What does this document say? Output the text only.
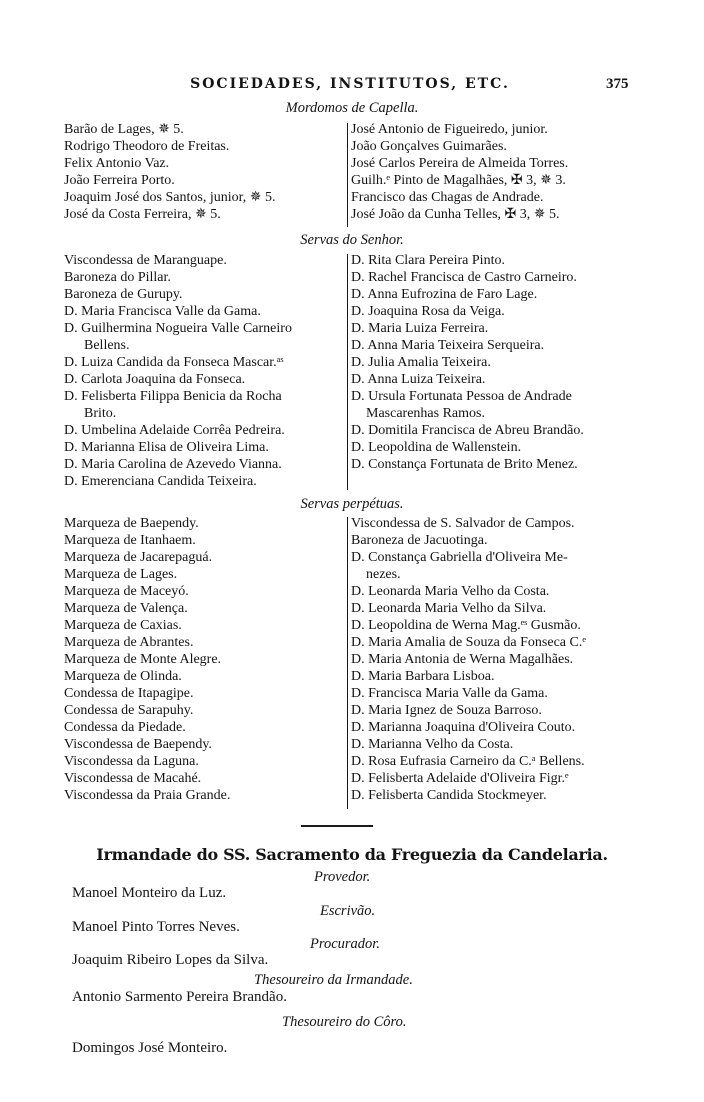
SOCIEDADES, INSTITUTOS, ETC.	375
Mordomos de Capella.
Barão de Lages, ✵ 5.
Rodrigo Theodoro de Freitas.
Felix Antonio Vaz.
João Ferreira Porto.
Joaquim José dos Santos, junior, ✵ 5.
José da Costa Ferreira, ✵ 5.
José Antonio de Figueiredo, junior.
João Gonçalves Guimarães.
José Carlos Pereira de Almeida Torres.
Guilh.ᵉ Pinto de Magalhães, ✠ 3, ✵ 3.
Francisco das Chagas de Andrade.
José João da Cunha Telles, ✠ 3, ✵ 5.
Servas do Senhor.
Viscondessa de Maranguape.
Baroneza do Pillar.
Baroneza de Gurupy.
D. Maria Francisca Valle da Gama.
D. Guilhermina Nogueira Valle Carneiro
Bellens.
D. Luiza Candida da Fonseca Mascar.ᵃˢ
D. Carlota Joaquina da Fonseca.
D. Felisberta Filippa Benicia da Rocha
Brito.
D. Umbelina Adelaide Corrêa Pedreira.
D. Marianna Elisa de Oliveira Lima.
D. Maria Carolina de Azevedo Vianna.
D. Emerenciana Candida Teixeira.
D. Rita Clara Pereira Pinto.
D. Rachel Francisca de Castro Carneiro.
D. Anna Eufrozina de Faro Lage.
D. Joaquina Rosa da Veiga.
D. Maria Luiza Ferreira.
D. Anna Maria Teixeira Serqueira.
D. Julia Amalia Teixeira.
D. Anna Luiza Teixeira.
D. Ursula Fortunata Pessoa de Andrade
Mascarenhas Ramos.
D. Domitila Francisca de Abreu Brandão.
D. Leopoldina de Wallenstein.
D. Constança Fortunata de Brito Menez.
Servas perpétuas.
Marqueza de Baependy.
Marqueza de Itanhaem.
Marqueza de Jacarepaguá.
Marqueza de Lages.
Marqueza de Maceyó.
Marqueza de Valença.
Marqueza de Caxias.
Marqueza de Abrantes.
Marqueza de Monte Alegre.
Marqueza de Olinda.
Condessa de Itapagipe.
Condessa de Sarapuhy.
Condessa da Piedade.
Viscondessa de Baependy.
Viscondessa da Laguna.
Viscondessa de Macahé.
Viscondessa da Praia Grande.
Viscondessa de S. Salvador de Campos.
Baroneza de Jacuotinga.
D. Constança Gabriella d'Oliveira Me-
nezes.
D. Leonarda Maria Velho da Costa.
D. Leonarda Maria Velho da Silva.
D. Leopoldina de Werna Mag.ᵉˢ Gusmão.
D. Maria Amalia de Souza da Fonseca C.ᵉ
D. Maria Antonia de Werna Magalhães.
D. Maria Barbara Lisboa.
D. Francisca Maria Valle da Gama.
D. Maria Ignez de Souza Barroso.
D. Marianna Joaquina d'Oliveira Couto.
D. Marianna Velho da Costa.
D. Rosa Eufrasia Carneiro da C.ᵃ Bellens.
D. Felisberta Adelaide d'Oliveira Figr.ᵉ
D. Felisberta Candida Stockmeyer.
Irmandade do SS. Sacramento da Freguezia da Candelaria.
Provedor.
Manoel Monteiro da Luz.
Escrivão.
Manoel Pinto Torres Neves.
Procurador.
Joaquim Ribeiro Lopes da Silva.
Thesoureiro da Irmandade.
Antonio Sarmento Pereira Brandão.
Thesoureiro do Côro.
Domingos José Monteiro.
